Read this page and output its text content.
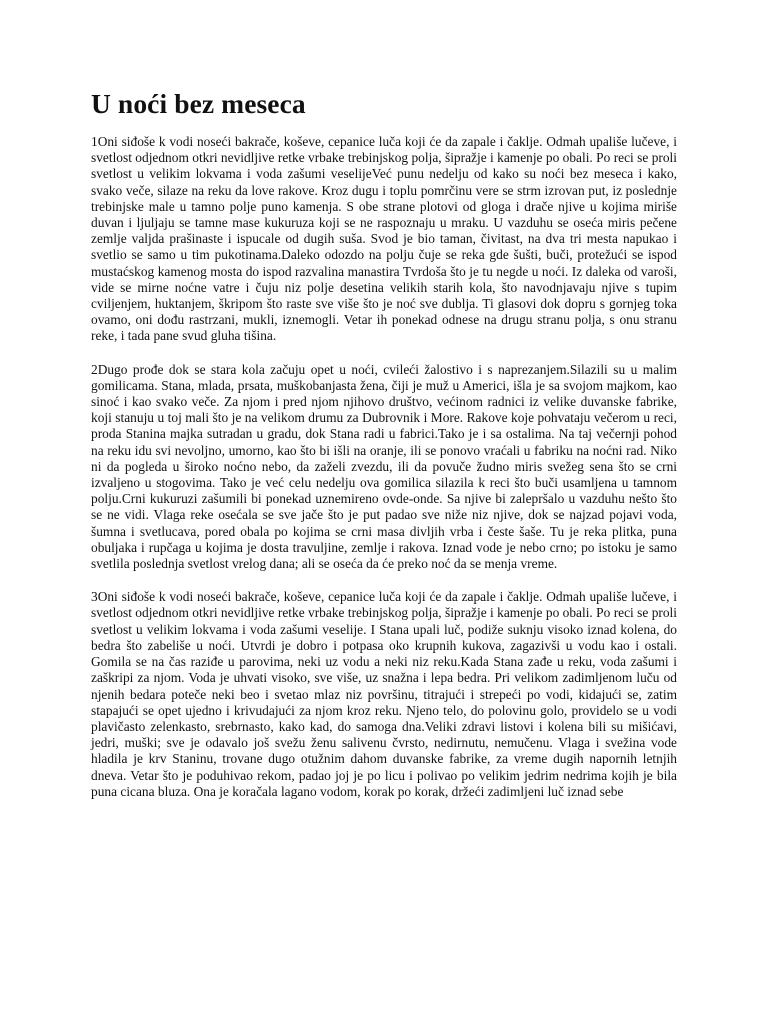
U noći bez meseca

1Oni siđoše k vodi noseći bakrače, koševe, cepanice luča koji će da zapale i čaklje. Odmah upališe lučeve, i svetlost odjednom otkri nevidljive retke vrbake trebinjskog polja, šipražje i kamenje po obali. Po reci se proli svetlost u velikim lokvama i voda zašumi veselijeVeć punu nedelju od kako su noći bez meseca i kako, svako veče, silaze na reku da love rakove. Kroz dugu i toplu pomrčinu vere se strm izrovan put, iz poslednje trebinjske male u tamno polje puno kamenja. S obe strane plotovi od gloga i drače njive u kojima miriše duvan i ljuljaju se tamne mase kukuruza koji se ne raspoznaju u mraku. U vazduhu se oseća miris pečene zemlje valjda prašinaste i ispucale od dugih suša. Svod je bio taman, čivitast, na dva tri mesta napukao i svetlio se samo u tim pukotinama.Daleko odozdo na polju čuje se reka gde šušti, buči, protežući se ispod mustaćskog kamenog mosta do ispod razvalina manastira Tvrdoša što je tu negde u noći. Iz daleka od varoši, vide se mirne noćne vatre i čuju niz polje desetina velikih starih kola, što navodnjavaju njive s tupim cviljenjem, huktanjem, škripom što raste sve više što je noć sve dublja. Ti glasovi dok dopru s gornjeg toka ovamo, oni dođu rastrzani, mukli, iznemogli. Vetar ih ponekad odnese na drugu stranu polja, s onu stranu reke, i tada pane svud gluha tišina.

2Dugo prođe dok se stara kola začuju opet u noći, cvileći žalostivo i s naprezanjem.Silazili su u malim gomilicama. Stana, mlada, prsata, muškobanjasta žena, čiji je muž u Americi, išla je sa svojom majkom, kao sinoć i kao svako veče. Za njom i pred njom njihovo društvo, većinom radnici iz velike duvanske fabrike, koji stanuju u toj mali što je na velikom drumu za Dubrovnik i More. Rakove koje pohvataju večerom u reci, proda Stanina majka sutradan u gradu, dok Stana radi u fabrici.Tako je i sa ostalima. Na taj večernji pohod na reku idu svi nevoljno, umorno, kao što bi išli na oranje, ili se ponovo vraćali u fabriku na noćni rad. Niko ni da pogleda u široko noćno nebo, da zaželi zvezdu, ili da povuče žudno miris svežeg sena što se crni izvaljeno u stogovima. Tako je već celu nedelju ova gomilica silazila k reci što buči usamljena u tamnom polju.Crni kukuruzi zašumili bi ponekad uznemireno ovde-onde. Sa njive bi zalepršalo u vazduhu nešto što se ne vidi. Vlaga reke osećala se sve jače što je put padao sve niže niz njive, dok se najzad pojavi voda, šumna i svetlucava, pored obala po kojima se crni masa divljih vrba i česte šaše. Tu je reka plitka, puna obuljaka i rupčaga u kojima je dosta travuljine, zemlje i rakova. Iznad vode je nebo crno; po istoku je samo svetlila poslednja svetlost vrelog dana; ali se oseća da će preko noć da se menja vreme.

3Oni siđoše k vodi noseći bakrače, koševe, cepanice luča koji će da zapale i čaklje. Odmah upališe lučeve, i svetlost odjednom otkri nevidljive retke vrbake trebinjskog polja, šipražje i kamenje po obali. Po reci se proli svetlost u velikim lokvama i voda zašumi veselije. I Stana upali luč, podiže suknju visoko iznad kolena, do bedra što zabeliše u noći. Utvrdi je dobro i potpasa oko krupnih kukova, zagazivši u vodu kao i ostali. Gomila se na čas raziđe u parovima, neki uz vodu a neki niz reku.Kada Stana zađe u reku, voda zašumi i zaškripi za njom. Voda je uhvati visoko, sve više, uz snažna i lepa bedra. Pri velikom zadimljenom luču od njenih bedara poteče neki beo i svetao mlaz niz površinu, titrajući i strepeći po vodi, kidajući se, zatim stapajući se opet ujedno i krivudajući za njom kroz reku. Njeno telo, do polovinu golo, providelo se u vodi plavičasto zelenkasto, srebrnasto, kako kad, do samoga dna.Veliki zdravi listovi i kolena bili su mišićavi, jedri, muški; sve je odavalo još svežu ženu salivenu čvrsto, nedirnutu, nemučenu. Vlaga i svežina vode hladila je krv Staninu, trovane dugo otužnim dahom duvanske fabrike, za vreme dugih napornih letnjih dneva. Vetar što je poduhivao rekom, padao joj je po licu i polivao po velikim jedrim nedrima kojih je bila puna cicana bluza. Ona je koračala lagano vodom, korak po korak, držeći zadimljeni luč iznad sebe
